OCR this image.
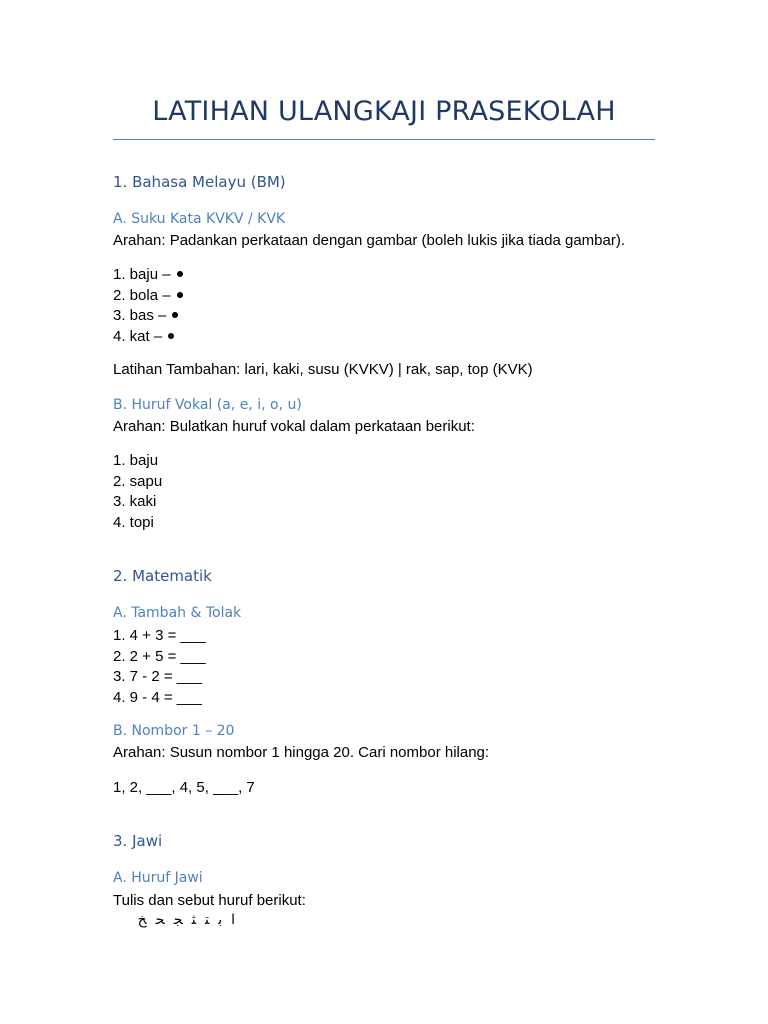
LATIHAN ULANGKAJI PRASEKOLAH
1. Bahasa Melayu (BM)
A. Suku Kata KVKV / KVK
Arahan: Padankan perkataan dengan gambar (boleh lukis jika tiada gambar).
1. baju –
2. bola –
3. bas –
4. kat –
Latihan Tambahan: lari, kaki, susu (KVKV) | rak, sap, top (KVK)
B. Huruf Vokal (a, e, i, o, u)
Arahan: Bulatkan huruf vokal dalam perkataan berikut:
1. baju
2. sapu
3. kaki
4. topi
2. Matematik
A. Tambah & Tolak
1. 4 + 3 = ___
2. 2 + 5 = ___
3. 7 - 2 = ___
4. 9 - 4 = ___
B. Nombor 1 – 20
Arahan: Susun nombor 1 hingga 20. Cari nombor hilang:
1, 2, ___, 4, 5, ___, 7
3. Jawi
A. Huruf Jawi
Tulis dan sebut huruf berikut:
ابتثجحخ
